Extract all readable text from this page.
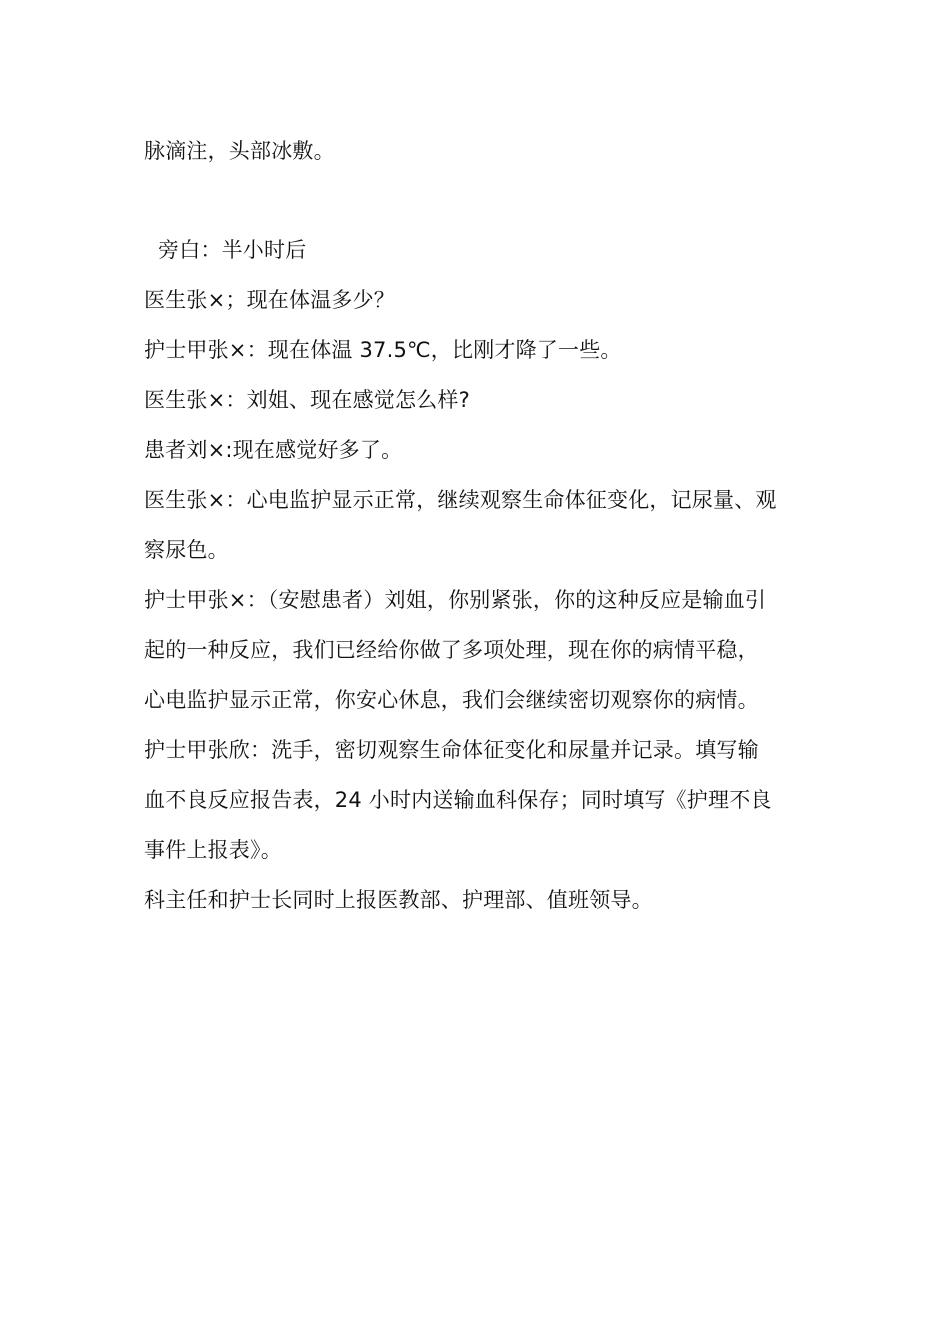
脉滴注，头部冰敷。
旁白：半小时后
医生张×；现在体温多少？
护士甲张×：现在体温 37.5℃，比刚才降了一些。
医生张×：刘姐、现在感觉怎么样?
患者刘×:现在感觉好多了。
医生张×：心电监护显示正常，继续观察生命体征变化，记尿量、观
察尿色。
护士甲张×：（安慰患者）刘姐，你别紧张，你的这种反应是输血引
起的一种反应，我们已经给你做了多项处理，现在你的病情平稳，
心电监护显示正常，你安心休息，我们会继续密切观察你的病情。
护士甲张欣：洗手，密切观察生命体征变化和尿量并记录。填写输
血不良反应报告表，24 小时内送输血科保存；同时填写《护理不良
事件上报表》。
科主任和护士长同时上报医教部、护理部、值班领导。
